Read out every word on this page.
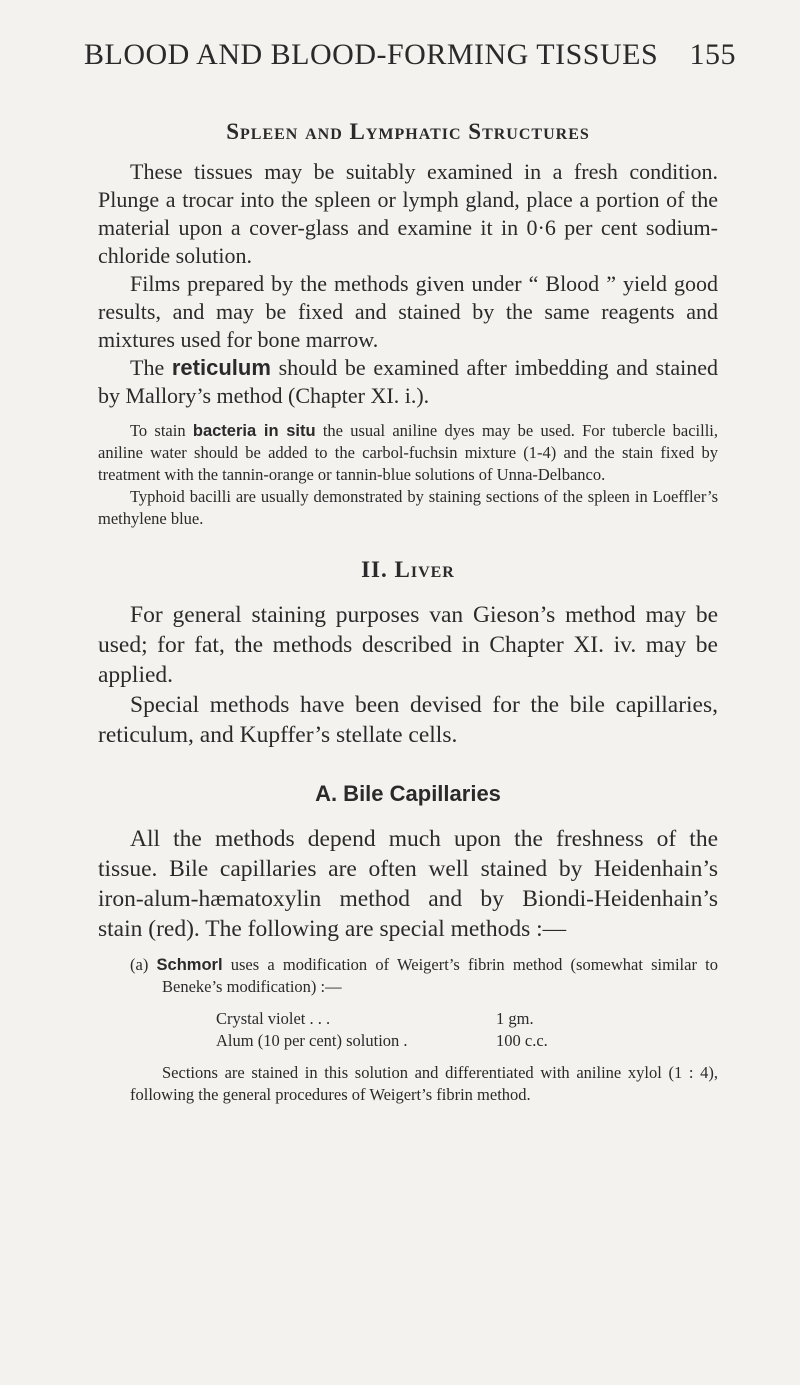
BLOOD AND BLOOD-FORMING TISSUES 155
Spleen and Lymphatic Structures

These tissues may be suitably examined in a fresh condition. Plunge a trocar into the spleen or lymph gland, place a portion of the material upon a cover-glass and examine it in 0·6 per cent sodium-chloride solution.

Films prepared by the methods given under “ Blood ” yield good results, and may be fixed and stained by the same reagents and mixtures used for bone marrow.

The reticulum should be examined after imbedding and stained by Mallory’s method (Chapter XI. i.).

To stain bacteria in situ the usual aniline dyes may be used. For tubercle bacilli, aniline water should be added to the carbol-fuchsin mixture (1-4) and the stain fixed by treatment with the tannin-orange or tannin-blue solutions of Unna-Delbanco.

Typhoid bacilli are usually demonstrated by staining sections of the spleen in Loeffler’s methylene blue.

II. Liver

For general staining purposes van Gieson’s method may be used; for fat, the methods described in Chapter XI. iv. may be applied.

Special methods have been devised for the bile capillaries, reticulum, and Kupffer’s stellate cells.

A. Bile Capillaries

All the methods depend much upon the freshness of the tissue. Bile capillaries are often well stained by Heidenhain’s iron-alum-hæmatoxylin method and by Biondi-Heidenhain’s stain (red). The following are special methods :—

(a) Schmorl uses a modification of Weigert’s fibrin method (somewhat similar to Beneke’s modification) :—

Crystal violet . . .	1 gm.
Alum (10 per cent) solution .	100 c.c.

Sections are stained in this solution and differentiated with aniline xylol (1 : 4), following the general procedures of Weigert’s fibrin method.
